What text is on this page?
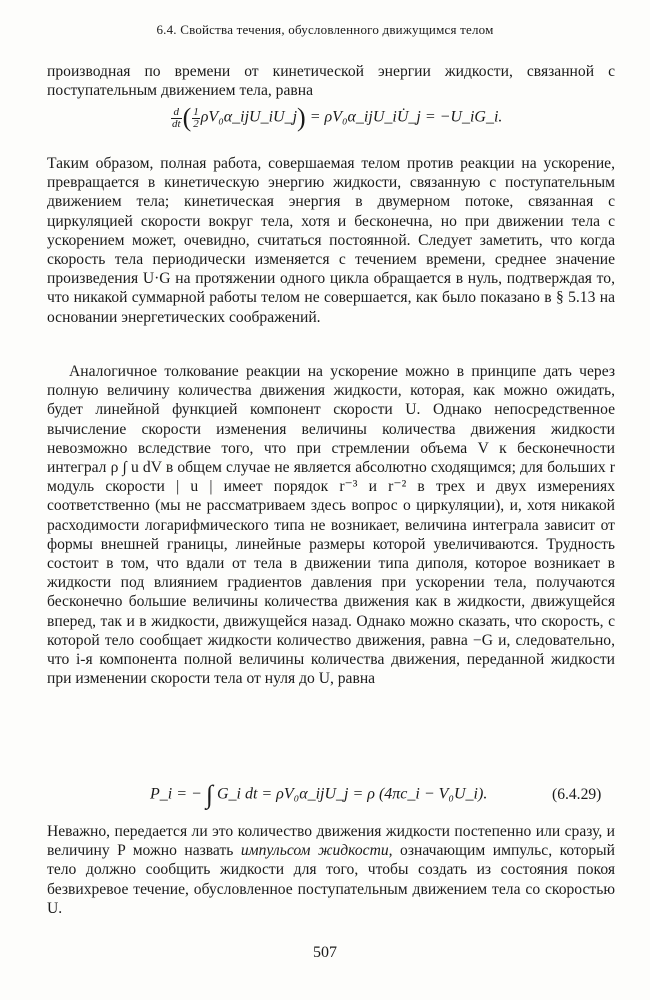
6.4. Свойства течения, обусловленного движущимся телом

производная по времени от кинетической энергии жидкости, связанной с поступательным движением тела, равна

$\frac{d}{dt}$ ( $\frac{1}{2}$ ρV₀α_ijU_iU_j) = ρV₀α_ijU_iU̇_j = −U_iG_i.

Таким образом, полная работа, совершаемая телом против реакции на ускорение, превращается в кинетическую энергию жидкости, связанную с поступательным движением тела; кинетическая энергия в двумерном потоке, связанная с циркуляцией скорости вокруг тела, хотя и бесконечна, но при движении тела с ускорением может, очевидно, считаться постоянной. Следует заметить, что когда скорость тела периодически изменяется с течением времени, среднее значение произведения U·G на протяжении одного цикла обращается в нуль, подтверждая то, что никакой суммарной работы телом не совершается, как было показано в § 5.13 на основании энергетических соображений.

Аналогичное толкование реакции на ускорение можно в принципе дать через полную величину количества движения жидкости, которая, как можно ожидать, будет линейной функцией компонент скорости U. Однако непосредственное вычисление скорости изменения величины количества движения жидкости невозможно вследствие того, что при стремлении объема V к бесконечности интеграл ρ ∫ u dV в общем случае не является абсолютно сходящимся; для больших r модуль скорости | u | имеет порядок r⁻³ и r⁻² в трех и двух измерениях соответственно (мы не рассматриваем здесь вопрос о циркуляции), и, хотя никакой расходимости логарифмического типа не возникает, величина интеграла зависит от формы внешней границы, линейные размеры которой увеличиваются. Трудность состоит в том, что вдали от тела в движении типа диполя, которое возникает в жидкости под влиянием градиентов давления при ускорении тела, получаются бесконечно большие величины количества движения как в жидкости, движущейся вперед, так и в жидкости, движущейся назад. Однако можно сказать, что скорость, с которой тело сообщает жидкости количество движения, равна −G и, следовательно, что i-я компонента полной величины количества движения, переданной жидкости при изменении скорости тела от нуля до U, равна

P_i = − ∫ G_i dt = ρV₀α_ijU_j = ρ (4πc_i − V₀U_i).	(6.4.29)

Неважно, передается ли это количество движения жидкости постепенно или сразу, и величину P можно назвать импульсом жидкости, означающим импульс, который тело должно сообщить жидкости для того, чтобы создать из состояния покоя безвихревое течение, обусловленное поступательным движением тела со скоростью U.

507
